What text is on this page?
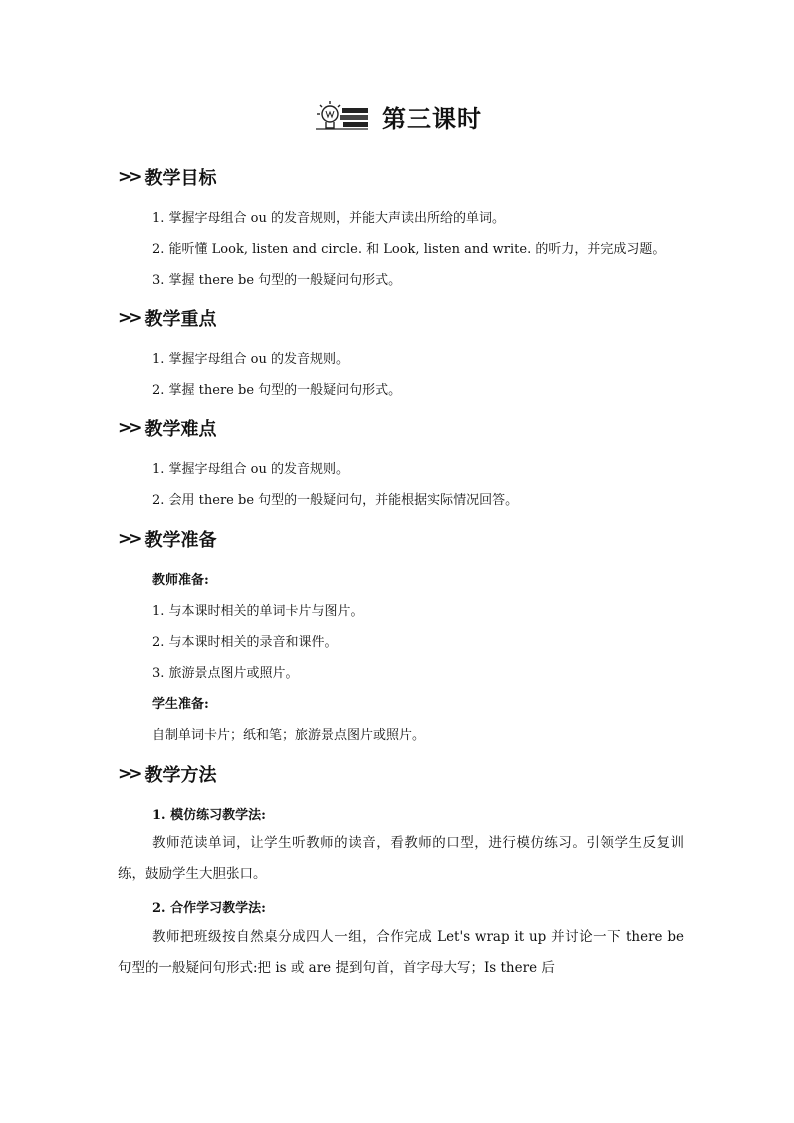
第三课时
>> 教学目标
1. 掌握字母组合 ou 的发音规则，并能大声读出所给的单词。
2. 能听懂 Look, listen and circle. 和 Look, listen and write. 的听力，并完成习题。
3. 掌握 there be 句型的一般疑问句形式。
>> 教学重点
1. 掌握字母组合 ou 的发音规则。
2. 掌握 there be 句型的一般疑问句形式。
>> 教学难点
1. 掌握字母组合 ou 的发音规则。
2. 会用 there be 句型的一般疑问句，并能根据实际情况回答。
>> 教学准备
教师准备:
1. 与本课时相关的单词卡片与图片。
2. 与本课时相关的录音和课件。
3. 旅游景点图片或照片。
学生准备:
自制单词卡片；纸和笔；旅游景点图片或照片。
>> 教学方法
1. 模仿练习教学法:
教师范读单词，让学生听教师的读音，看教师的口型，进行模仿练习。引领学生反复训练，鼓励学生大胆张口。
2. 合作学习教学法:
教师把班级按自然桌分成四人一组，合作完成 Let's wrap it up 并讨论一下 there be 句型的一般疑问句形式:把 is 或 are 提到句首，首字母大写；Is there 后
